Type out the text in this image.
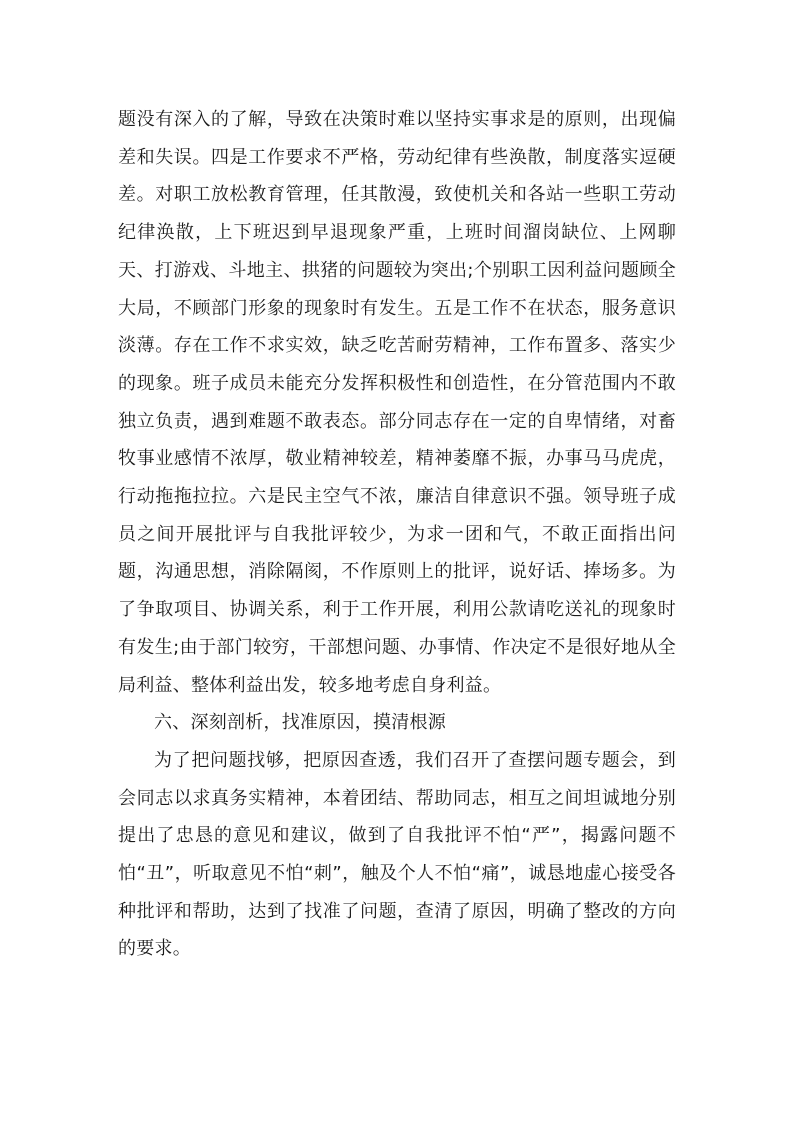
题没有深入的了解，导致在决策时难以坚持实事求是的原则，出现偏差和失误。四是工作要求不严格，劳动纪律有些涣散，制度落实逗硬差。对职工放松教育管理，任其散漫，致使机关和各站一些职工劳动纪律涣散，上下班迟到早退现象严重，上班时间溜岗缺位、上网聊天、打游戏、斗地主、拱猪的问题较为突出;个别职工因利益问题顾全大局，不顾部门形象的现象时有发生。五是工作不在状态，服务意识淡薄。存在工作不求实效，缺乏吃苦耐劳精神，工作布置多、落实少的现象。班子成员未能充分发挥积极性和创造性，在分管范围内不敢独立负责，遇到难题不敢表态。部分同志存在一定的自卑情绪，对畜牧事业感情不浓厚，敬业精神较差，精神萎靡不振，办事马马虎虎，行动拖拖拉拉。六是民主空气不浓，廉洁自律意识不强。领导班子成员之间开展批评与自我批评较少，为求一团和气，不敢正面指出问题，沟通思想，消除隔阂，不作原则上的批评，说好话、捧场多。为了争取项目、协调关系，利于工作开展，利用公款请吃送礼的现象时有发生;由于部门较穷，干部想问题、办事情、作决定不是很好地从全局利益、整体利益出发，较多地考虑自身利益。

六、深刻剖析，找准原因，摸清根源

为了把问题找够，把原因查透，我们召开了查摆问题专题会，到会同志以求真务实精神，本着团结、帮助同志，相互之间坦诚地分别提出了忠恳的意见和建议，做到了自我批评不怕“严”，揭露问题不怕“丑”，听取意见不怕“刺”，触及个人不怕“痛”，诚恳地虚心接受各种批评和帮助，达到了找准了问题，查清了原因，明确了整改的方向的要求。
